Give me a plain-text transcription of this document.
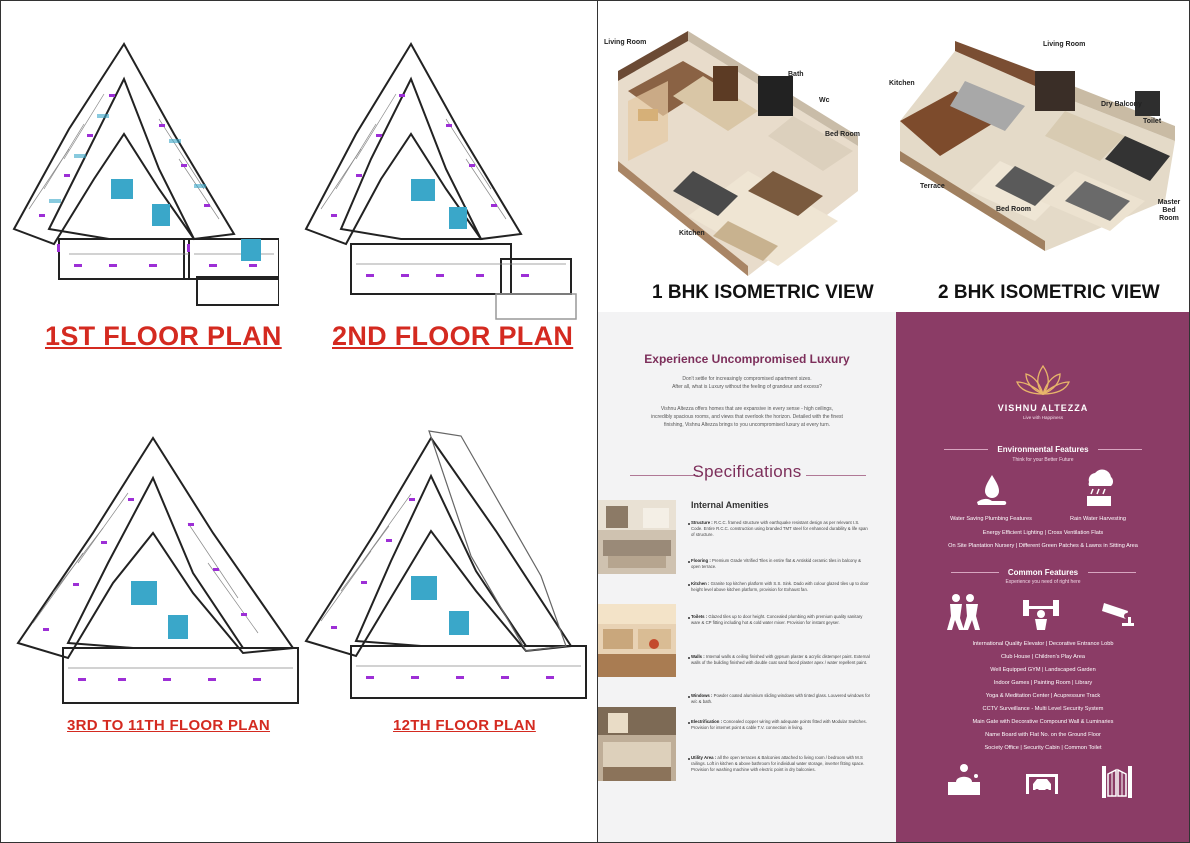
1ST FLOOR PLAN 2ND FLOOR PLAN
3RD TO 11TH FLOOR PLAN	12TH FLOOR PLAN
Living Room
Bath
Wc
Bed Room
Kitchen
1 BHK ISOMETRIC VIEW
Kitchen
Living Room
Dry Balcony
Toilet
Terrace
Bed Room
Master Bed Room
2 BHK ISOMETRIC VIEW
Experience Uncompromised Luxury
Don't settle for increasingly compromised apartment sizes.
After all, what is Luxury without the feeling of grandeur and excess?
Vishnu Altezza offers homes that are expansive in every sense - high ceilings,
incredibly spacious rooms, and views that overlook the horizon. Detailed with the finest
finishing, Vishnu Altezza brings to you uncompromised luxury at every turn.
Specifications
Internal Amenities
Structure : R.C.C. framed structure with earthquake resistant design as per relevant I.S. Code. Entire R.C.C. construction using branded TMT steel for enhanced durability & life span of structure.
Flooring : Premium Grade Vitrified Tiles in entire flat & Antiskid ceramic tiles in balcony & open terrace.
Kitchen : Granite top kitchen platform with S.S. Sink. Dado with colour glazed tiles up to door height level above kitchen platform, provision for Exhaust fan.
Toilets : Glazed tiles up to door height. Concealed plumbing with premium quality sanitary ware & CP fitting including hot & cold water mixer. Provision for instant geyser.
Walls : Internal walls & ceiling finished with gypsum plaster & acrylic distemper paint. External walls of the building finished with double coat sand faced plaster apex / water repellent paint.
Windows : Powder coated aluminium sliding windows with tinted glass. Louvered windows for w/c & bath.
Electrification : Concealed copper wiring with adequate points fitted with Modular Switches. Provision for internet point & cable T.V. connection in living.
Utility Area : all the open terraces & Balconies attached to living room / bedroom with M.S railings. Loft in kitchen & above bathroom for individual water storage, inverter fitting space. Provision for washing machine with electric point in dry balconies.
VISHNU ALTEZZA
Live with Happiness
Environmental Features
Think for your Better Future
Water Saving Plumbing Features	Rain Water Harvesting
Energy Efficient Lighting | Cross Ventilation Flats
On Site Plantation Nursery | Different Green Patches & Lawns in Sitting Area
Common Features
Experience you need of right here
International Quality Elevator | Decorative Entrance Lobb
Club House | Children's Play Area
Well Equipped GYM | Landscaped Garden
Indoor Games | Painting Room | Library
Yoga & Meditation Center | Acupressure Track
CCTV Surveillance - Multi Level Security System
Main Gate with Decorative Compound Wall & Luminaries
Name Board with Flat No. on the Ground Floor
Society Office | Security Cabin | Common Toilet
